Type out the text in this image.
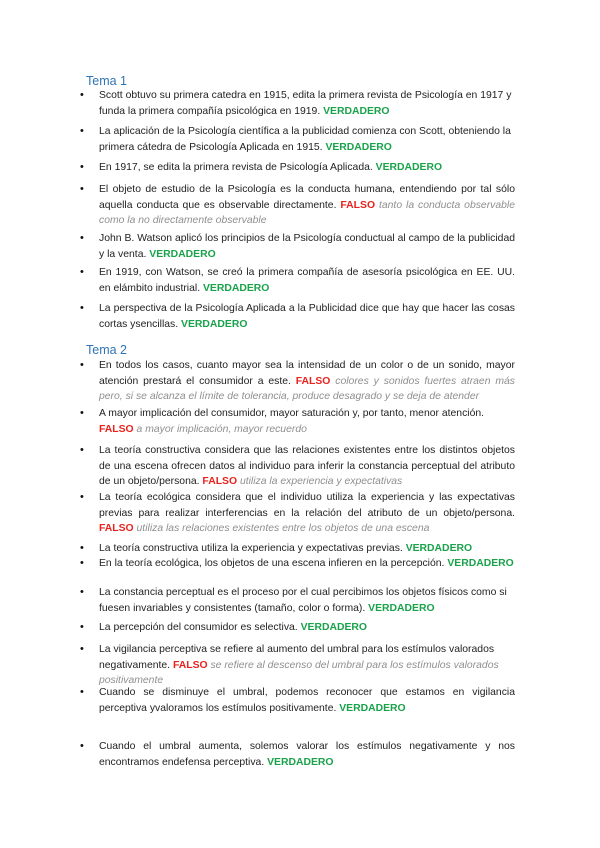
Tema 1
• Scott obtuvo su primera catedra en 1915, edita la primera revista de Psicología en 1917 y funda la primera compañía psicológica en 1919. VERDADERO
• La aplicación de la Psicología científica a la publicidad comienza con Scott, obteniendo la primera cátedra de Psicología Aplicada en 1915. VERDADERO
• En 1917, se edita la primera revista de Psicología Aplicada. VERDADERO
• El objeto de estudio de la Psicología es la conducta humana, entendiendo por tal sólo aquella conducta que es observable directamente. FALSO tanto la conducta observable como la no directamente observable
• John B. Watson aplicó los principios de la Psicología conductual al campo de la publicidad y la venta. VERDADERO
• En 1919, con Watson, se creó la primera compañía de asesoría psicológica en EE. UU. en elámbito industrial. VERDADERO
• La perspectiva de la Psicología Aplicada a la Publicidad dice que hay que hacer las cosas cortas ysencillas. VERDADERO
Tema 2
• En todos los casos, cuanto mayor sea la intensidad de un color o de un sonido, mayor atención prestará el consumidor a este. FALSO colores y sonidos fuertes atraen más pero, si se alcanza el límite de tolerancia, produce desagrado y se deja de atender
• A mayor implicación del consumidor, mayor saturación y, por tanto, menor atención. FALSO a mayor implicación, mayor recuerdo
• La teoría constructiva considera que las relaciones existentes entre los distintos objetos de una escena ofrecen datos al individuo para inferir la constancia perceptual del atributo de un objeto/persona. FALSO utiliza la experiencia y expectativas
• La teoría ecológica considera que el individuo utiliza la experiencia y las expectativas previas para realizar interferencias en la relación del atributo de un objeto/persona. FALSO utiliza las relaciones existentes entre los objetos de una escena
• La teoría constructiva utiliza la experiencia y expectativas previas. VERDADERO
• En la teoría ecológica, los objetos de una escena infieren en la percepción. VERDADERO
• La constancia perceptual es el proceso por el cual percibimos los objetos físicos como si fuesen invariables y consistentes (tamaño, color o forma). VERDADERO
• La percepción del consumidor es selectiva. VERDADERO
• La vigilancia perceptiva se refiere al aumento del umbral para los estímulos valorados negativamente. FALSO se refiere al descenso del umbral para los estímulos valorados positivamente
• Cuando se disminuye el umbral, podemos reconocer que estamos en vigilancia perceptiva yvaloramos los estímulos positivamente. VERDADERO
• Cuando el umbral aumenta, solemos valorar los estímulos negativamente y nos encontramos endefensa perceptiva. VERDADERO
